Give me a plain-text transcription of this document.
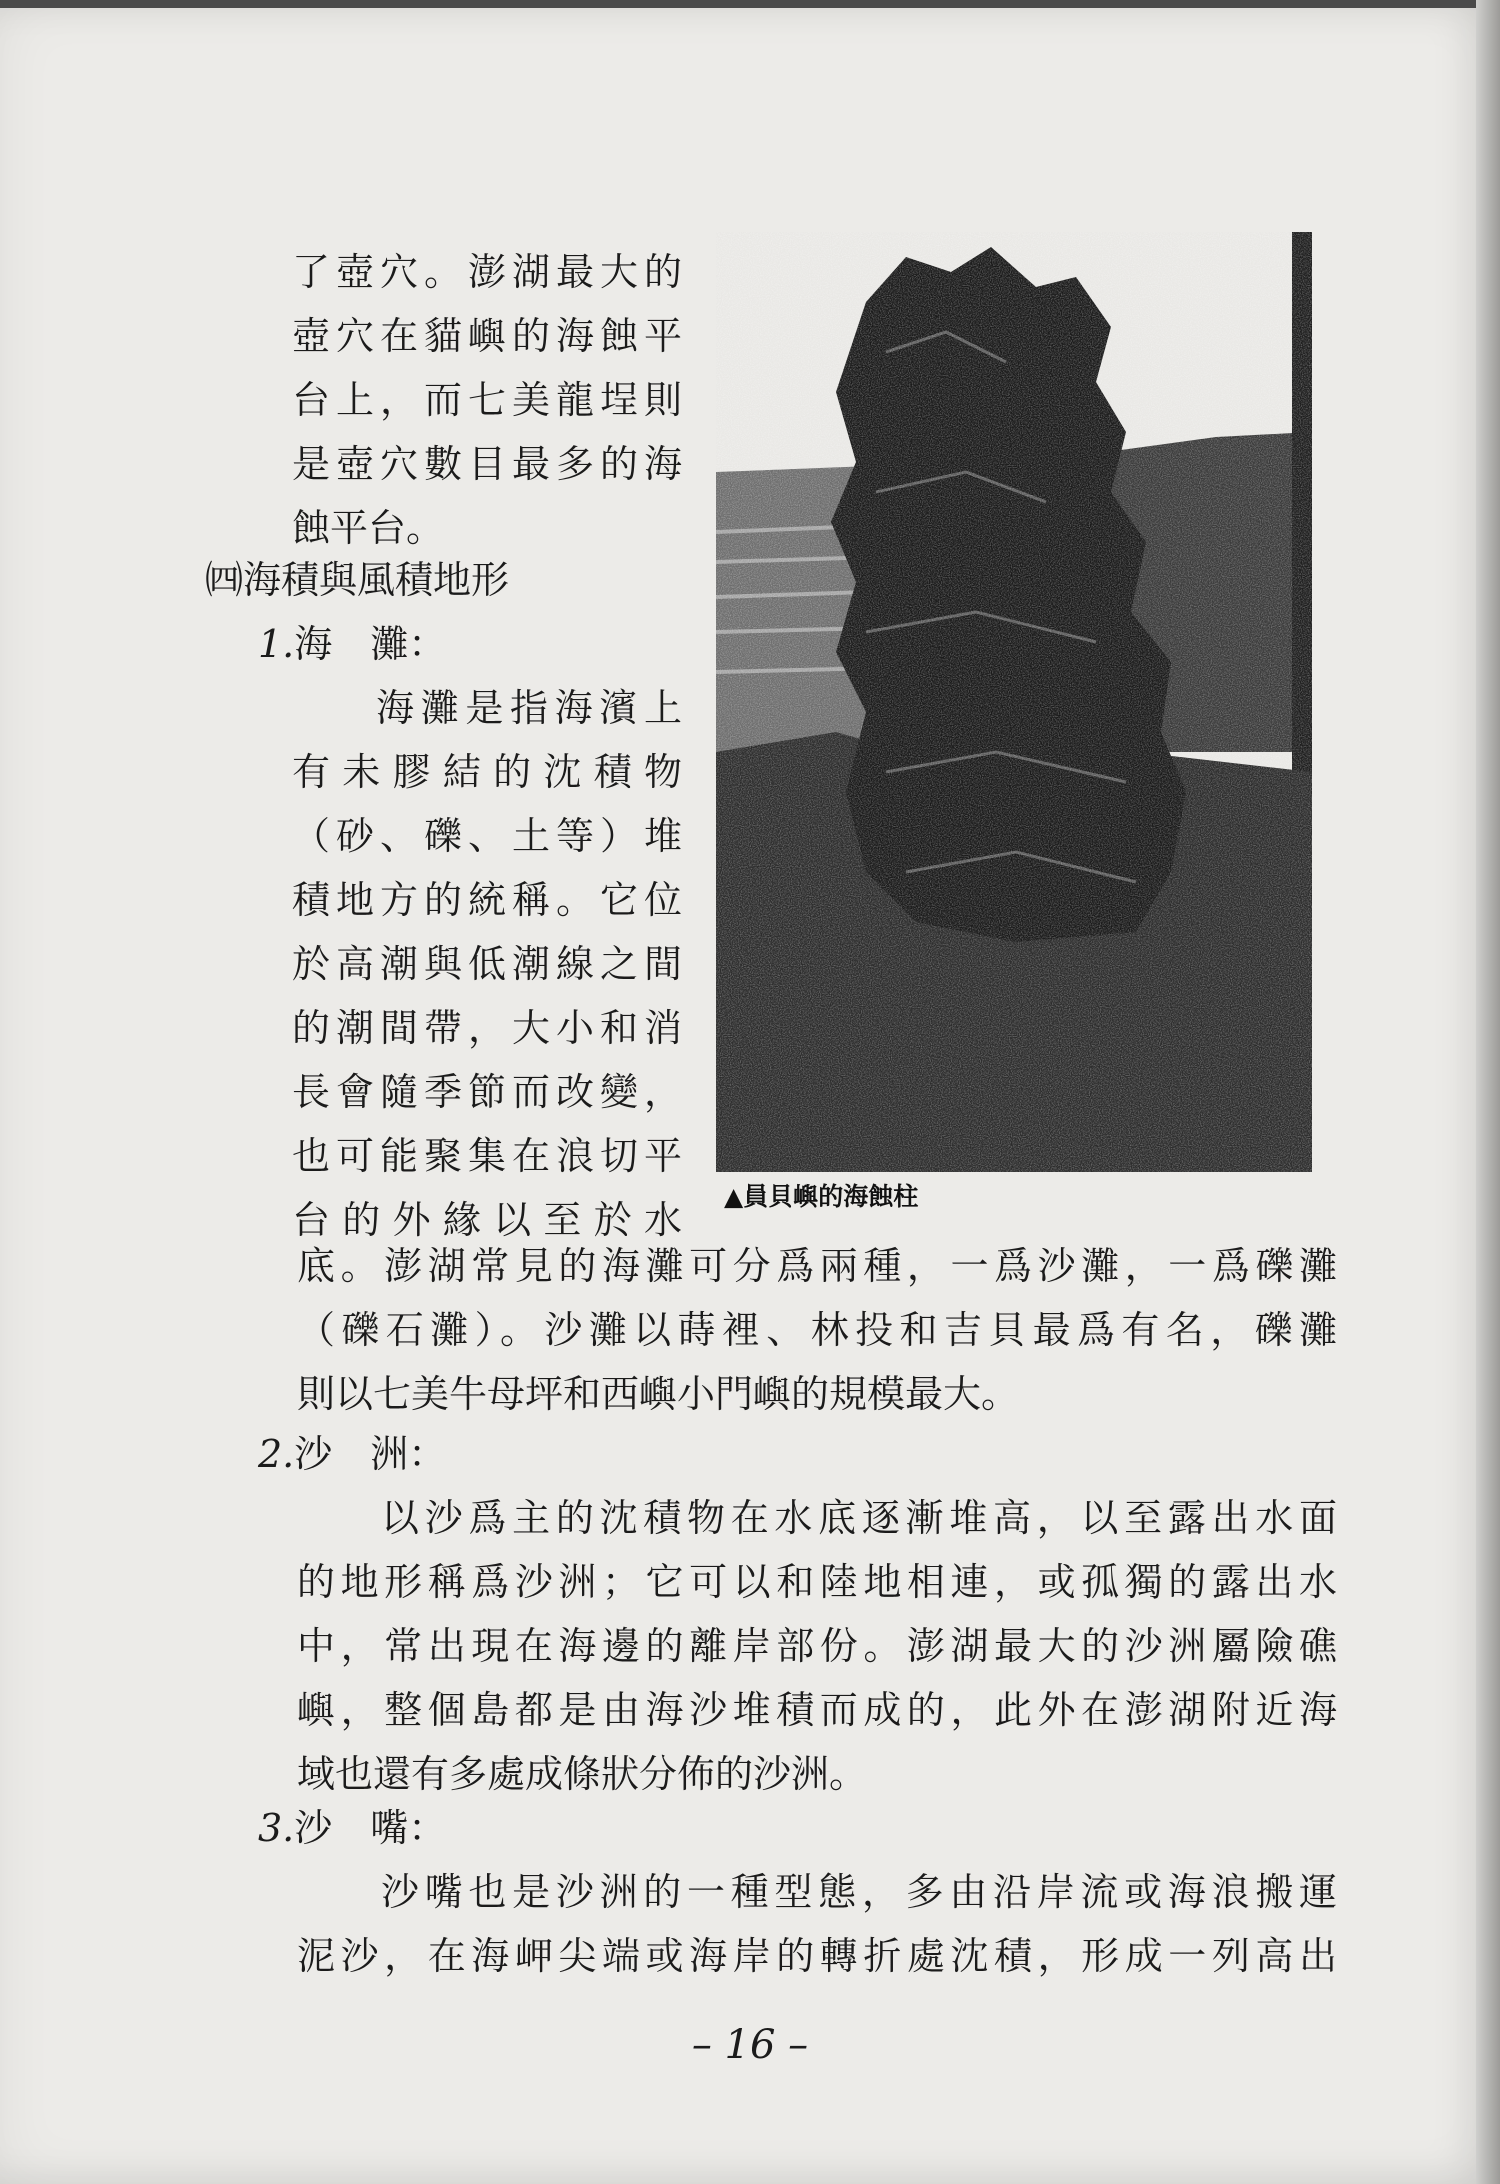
了壺穴。澎湖最大的
壺穴在貓嶼的海蝕平
台上，而七美龍埕則
是壺穴數目最多的海
蝕平台。
㈣海積與風積地形
1.海　灘：
海灘是指海濱上
有未膠結的沈積物
（砂、礫、土等）堆
積地方的統稱。它位
於高潮與低潮線之間
的潮間帶，大小和消
長會隨季節而改變，
也可能聚集在浪切平
台的外緣以至於水
底。澎湖常見的海灘可分爲兩種，一爲沙灘，一爲礫灘
（礫石灘）。沙灘以蒔裡、林投和吉貝最爲有名，礫灘
則以七美牛母坪和西嶼小門嶼的規模最大。
2.沙　洲：
以沙爲主的沈積物在水底逐漸堆高，以至露出水面
的地形稱爲沙洲；它可以和陸地相連，或孤獨的露出水
中，常出現在海邊的離岸部份。澎湖最大的沙洲屬險礁
嶼，整個島都是由海沙堆積而成的，此外在澎湖附近海
域也還有多處成條狀分佈的沙洲。
3.沙　嘴：
沙嘴也是沙洲的一種型態，多由沿岸流或海浪搬運
泥沙，在海岬尖端或海岸的轉折處沈積，形成一列高出
▲員貝嶼的海蝕柱
– 16 –
